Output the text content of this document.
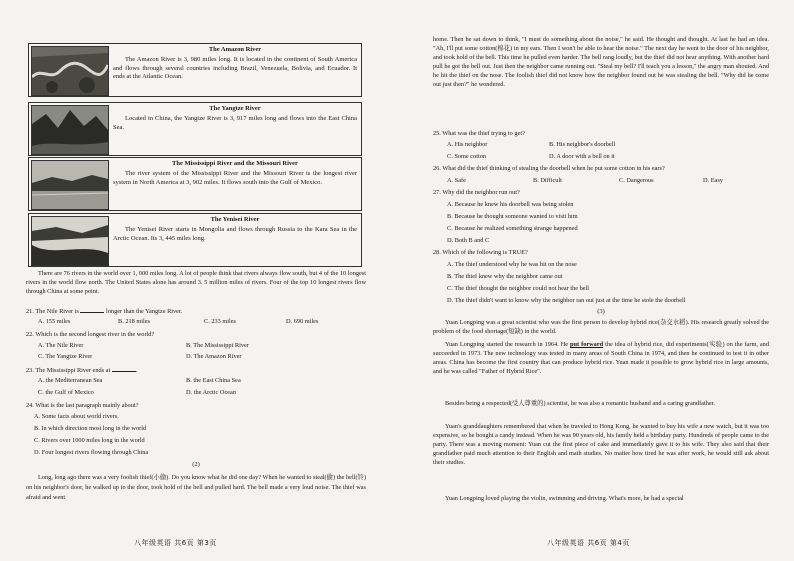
The Amazon River
The Amazon River is 3, 980 miles long. It is located in the continent of South America and flows through several countries including Brazil, Venezuela, Bolivia, and Ecuador. It ends at the Atlantic Ocean.
The Yangtze River
Located in China, the Yangtze River is 3, 917 miles long and flows into the East China Sea.
The Mississippi River and the Missouri River
The river system of the Mississippi River and the Missouri River is the longest river system in North America at 3, 902 miles. It flows south into the Gulf of Mexico.
The Yenisei River
The Yenisei River starts in Mongolia and flows through Russia to the Kara Sea in the Arctic Ocean. Its 3, 445 miles long.
There are 76 rivers in the world over 1, 000 miles long. A lot of people think that rivers always flow south, but 4 of the 10 longest rivers in the world flow north. The United States alone has around 3. 5 million miles of rivers. Four of the top 10 longest rivers flow through China at some point.
21. The Nile River is	longer than the Yangtze River.
A. 155 miles	B. 218 miles	C. 233 miles	D. 690 miles
22. Which is the second longest river in the world?
A. The Nile River	B. The Mississippi River
C. The Yangtze River	D. The Amazon River
23. The Mississippi River ends at	.
A. the Mediterranean Sea	B. the East China Sea
C. the Gulf of Mexico	D. the Arctic Ocean
24. What is the last paragraph mainly about?
A. Some facts about world rivers.
B. In which direction most long in the world
C. Rivers over 1000 miles long in the world
D. Four longest rivers flowing through China
(2)
Long, long ago there was a very foolish thief(小偷). Do you know what he did one day? When he wanted to steal(偷) the bell(铃) on his neighbor's door, he walked up to the door, took hold of the bell and pulled hard. The bell made a very loud noise. The thief was afraid and went
八年级英语 共6页 第3页
home. Then he sat down to think, "I must do something about the noise," he said. He thought and thought. At last he had an idea. "Ah, I'll put some cotton(棉花) in my ears. Then I won't be able to hear the noise." The next day he went to the door of his neighbor, and took hold of the bell. This time he pulled even harder. The bell rang loudly, but the thief did not hear anything. With another hard pull he got the bell out. Just then the neighbor came running out. "Steal my bell? I'll teach you a lesson," the angry man shouted. And he hit the thief on the nose. The foolish thief did not know how the neighbor found out he was stealing the bell. "Why did he come out just then?" he wondered.
25. What was the thief trying to get?
A. His neighbor	B. His neighbor's doorbell
C. Some cotton	D. A door with a bell on it
26. What did the thief thinking of stealing the doorbell when he put some cotton in his ears?
A. Safe	B. Difficult	C. Dangerous	D. Easy
27. Why did the neighbor run out?
A. Because he knew his doorbell was being stolen
B. Because he thought someone wanted to visit him
C. Because he realized something strange happened
D. Both B and C
28. Which of the following is TRUE?
A. The thief understood why he was hit on the nose
B. The thief knew why the neighbor came out
C. The thief thought the neighbor could not hear the bell
D. The thief didn't want to know why the neighbor ran out just at the time he stole the doorbell
(3)
Yuan Longping was a great scientist who was the first person to develop hybrid rice(杂交水稻). His research greatly solved the problem of the food shortage(短缺) in the world.
Yuan Longping started the research in 1964. He put forward the idea of hybrid rice, did experiments(实验) on the farm, and succeeded in 1973. The new technology was tested in many areas of South China in 1974, and then he continued to test it in other areas. China has become the first country that can produce hybrid rice. Yuan made it possible to grow hybrid rice in large amounts, and he was called "Father of Hybrid Rice".
Besides being a respected(受人尊重的) scientist, he was also a romantic husband and a caring grandfather.
Yuan's granddaughters remembered that when he traveled to Hong Kong, he wanted to buy his wife a new watch, but it was too expensive, so he bought a candy instead. When he was 90 years old, his family held a birthday party. Hundreds of people came to the party. There was a moving moment: Yuan cut the first piece of cake and immediately gave it to his wife. They also said that their grandfather paid much attention to their English and math studies. No matter how tired he was after work, he would still ask about their studies.
Yuan Longping loved playing the violin, swimming and driving. What's more, he had a special
八年级英语 共6页 第4页
